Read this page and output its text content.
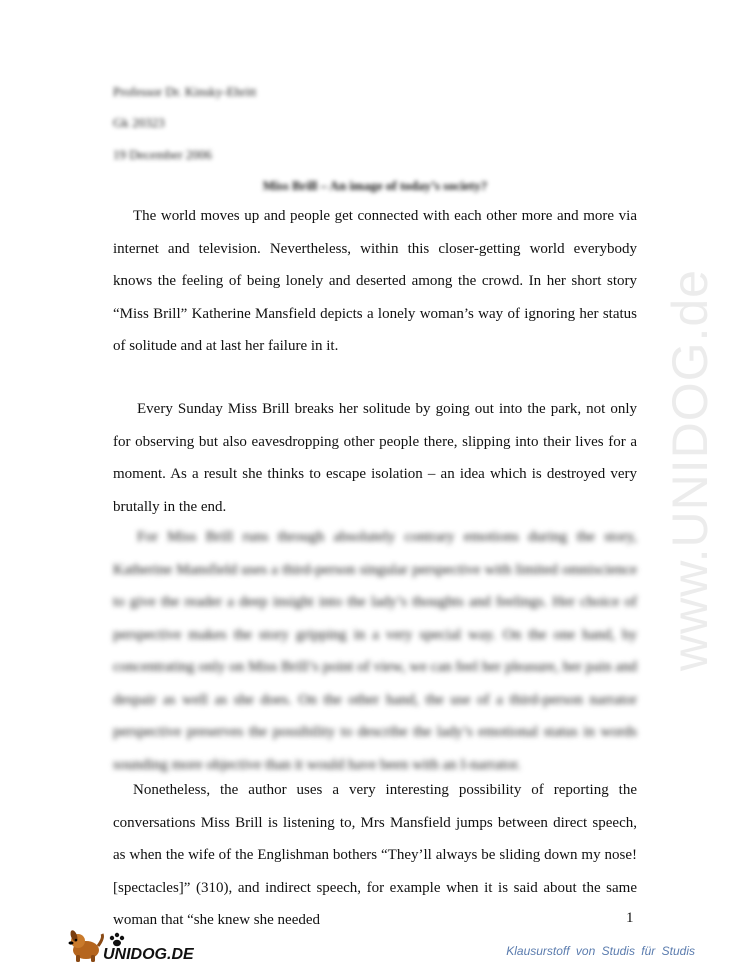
www.UNIDOG.de
Professor Dr. Kinsky-Ehritt
Gk 20323
19 December 2006
Miss Brill – An image of today’s society?

The world moves up and people get connected with each other more and more via internet and television. Nevertheless, within this closer-getting world everybody knows the feeling of being lonely and deserted among the crowd. In her short story “Miss Brill” Katherine Mansfield depicts a lonely woman’s way of ignoring her status of solitude and at last her failure in it.

Every Sunday Miss Brill breaks her solitude by going out into the park, not only for observing but also eavesdropping other people there, slipping into their lives for a moment. As a result she thinks to escape isolation – an idea which is destroyed very brutally in the end.

For Miss Brill runs through absolutely contrary emotions during the story, Katherine Mansfield uses a third-person singular perspective with limited omniscience to give the reader a deep insight into the lady’s thoughts and feelings. Her choice of perspective makes the story gripping in a very special way. On the one hand, by concentrating only on Miss Brill’s point of view, we can feel her pleasure, her pain and despair as well as she does. On the other hand, the use of a third-person narrator perspective preserves the possibility to describe the lady’s emotional status in words sounding more objective than it would have been with an I-narrator.

Nonetheless, the author uses a very interesting possibility of reporting the conversations Miss Brill is listening to, Mrs Mansfield jumps between direct speech, as when the wife of the Englishman bothers “They’ll always be sliding down my nose! [spectacles]” (310), and indirect speech, for example when it is said about the same woman that “she knew she needed	1
UNIDOG.DE	Klausurstoff von Studis für Studis
